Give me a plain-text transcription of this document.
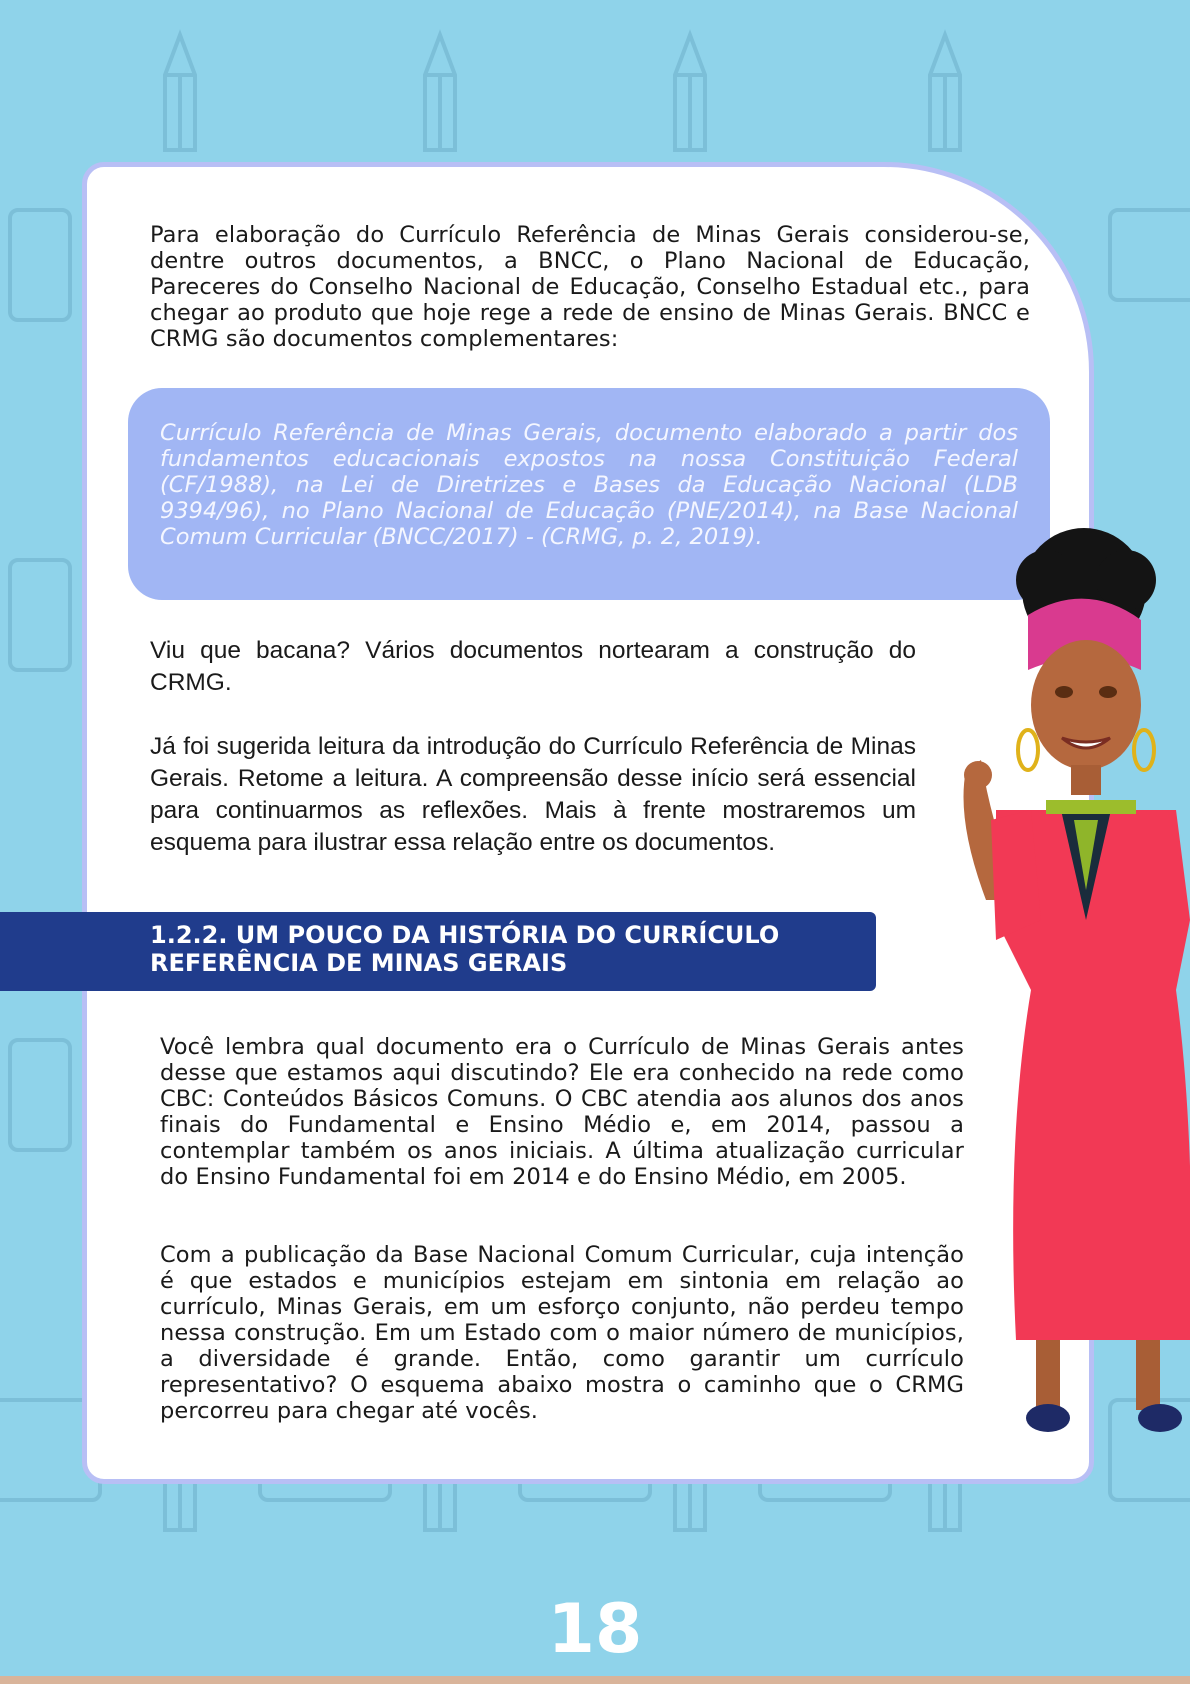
Para elaboração do Currículo Referência de Minas Gerais considerou-se, dentre outros documentos, a BNCC, o Plano Nacional de Educação, Pareceres do Conselho Nacional de Educação, Conselho Estadual etc., para chegar ao produto que hoje rege a rede de ensino de Minas Gerais. BNCC e CRMG são documentos complementares:

Currículo Referência de Minas Gerais, documento elaborado a partir dos fundamentos educacionais expostos na nossa Constituição Federal (CF/1988), na Lei de Diretrizes e Bases da Educação Nacional (LDB 9394/96), no Plano Nacional de Educação (PNE/2014), na Base Nacional Comum Curricular (BNCC/2017) - (CRMG, p. 2, 2019).

Viu que bacana? Vários documentos nortearam a construção do CRMG.

Já foi sugerida leitura da introdução do Currículo Referência de Minas Gerais. Retome a leitura. A compreensão desse início será essencial para continuarmos as reflexões. Mais à frente mostraremos um esquema para ilustrar essa relação entre os documentos.

1.2.2. UM POUCO DA HISTÓRIA DO CURRÍCULO
REFERÊNCIA DE MINAS GERAIS

Você lembra qual documento era o Currículo de Minas Gerais antes desse que estamos aqui discutindo? Ele era conhecido na rede como CBC: Conteúdos Básicos Comuns. O CBC atendia aos alunos dos anos finais do Fundamental e Ensino Médio e, em 2014, passou a contemplar também os anos iniciais. A última atualização curricular do Ensino Fundamental foi em 2014 e do Ensino Médio, em 2005.

Com a publicação da Base Nacional Comum Curricular, cuja intenção é que estados e municípios estejam em sintonia em relação ao currículo, Minas Gerais, em um esforço conjunto, não perdeu tempo nessa construção. Em um Estado com o maior número de municípios, a diversidade é grande. Então, como garantir um currículo representativo? O esquema abaixo mostra o caminho que o CRMG percorreu para chegar até vocês.

18
